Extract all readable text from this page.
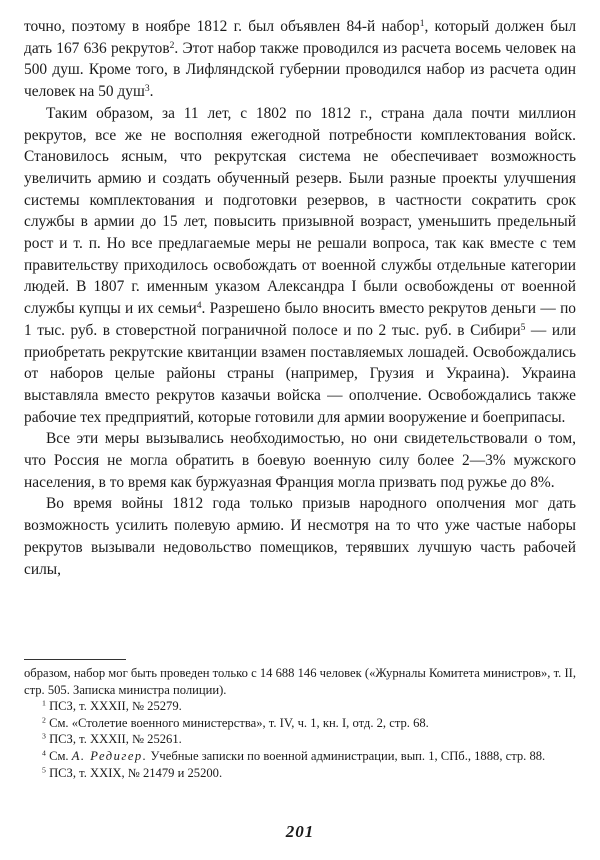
точно, поэтому в ноябре 1812 г. был объявлен 84-й набор$^1$, который должен был дать 167 636 рекрутов$^2$. Этот набор также проводился из расчета восемь человек на 500 душ. Кроме того, в Лифляндской губернии проводился набор из расчета один человек на 50 душ$^3$.

Таким образом, за 11 лет, с 1802 по 1812 г., страна дала почти миллион рекрутов, все же не восполняя ежегодной потребности комплектования войск. Становилось ясным, что рекрутская система не обеспечивает возможность увеличить армию и создать обученный резерв. Были разные проекты улучшения системы комплектования и подготовки резервов, в частности сократить срок службы в армии до 15 лет, повысить призывной возраст, уменьшить предельный рост и т. п. Но все предлагаемые меры не решали вопроса, так как вместе с тем правительству приходилось освобождать от военной службы отдельные категории людей. В 1807 г. именным указом Александра I были освобождены от военной службы купцы и их семьи$^4$. Разрешено было вносить вместо рекрутов деньги — по 1 тыс. руб. в стоверстной пограничной полосе и по 2 тыс. руб. в Сибири$^5$ — или приобретать рекрутские квитанции взамен поставляемых лошадей. Освобождались от наборов целые районы страны (например, Грузия и Украина). Украина выставляла вместо рекрутов казачьи войска — ополчение. Освобождались также рабочие тех предприятий, которые готовили для армии вооружение и боеприпасы.

Все эти меры вызывались необходимостью, но они свидетельствовали о том, что Россия не могла обратить в боевую военную силу более 2—3% мужского населения, в то время как буржуазная Франция могла призвать под ружье до 8%.

Во время войны 1812 года только призыв народного ополчения мог дать возможность усилить полевую армию. И несмотря на то что уже частые наборы рекрутов вызывали недовольство помещиков, терявших лучшую часть рабочей силы,

образом, набор мог быть проведен только с 14 688 146 человек («Журналы Комитета министров», т. II, стр. 505. Записка министра полиции).

$^1$ ПСЗ, т. XXXII, № 25279.

$^2$ См. «Столетие военного министерства», т. IV, ч. 1, кн. I, отд. 2, стр. 68.

$^3$ ПСЗ, т. XXXII, № 25261.

$^4$ См. А. Редигер. Учебные записки по военной администрации, вып. 1, СПб., 1888, стр. 88.

$^5$ ПСЗ, т. XXIX, № 21479 и 25200.

201
